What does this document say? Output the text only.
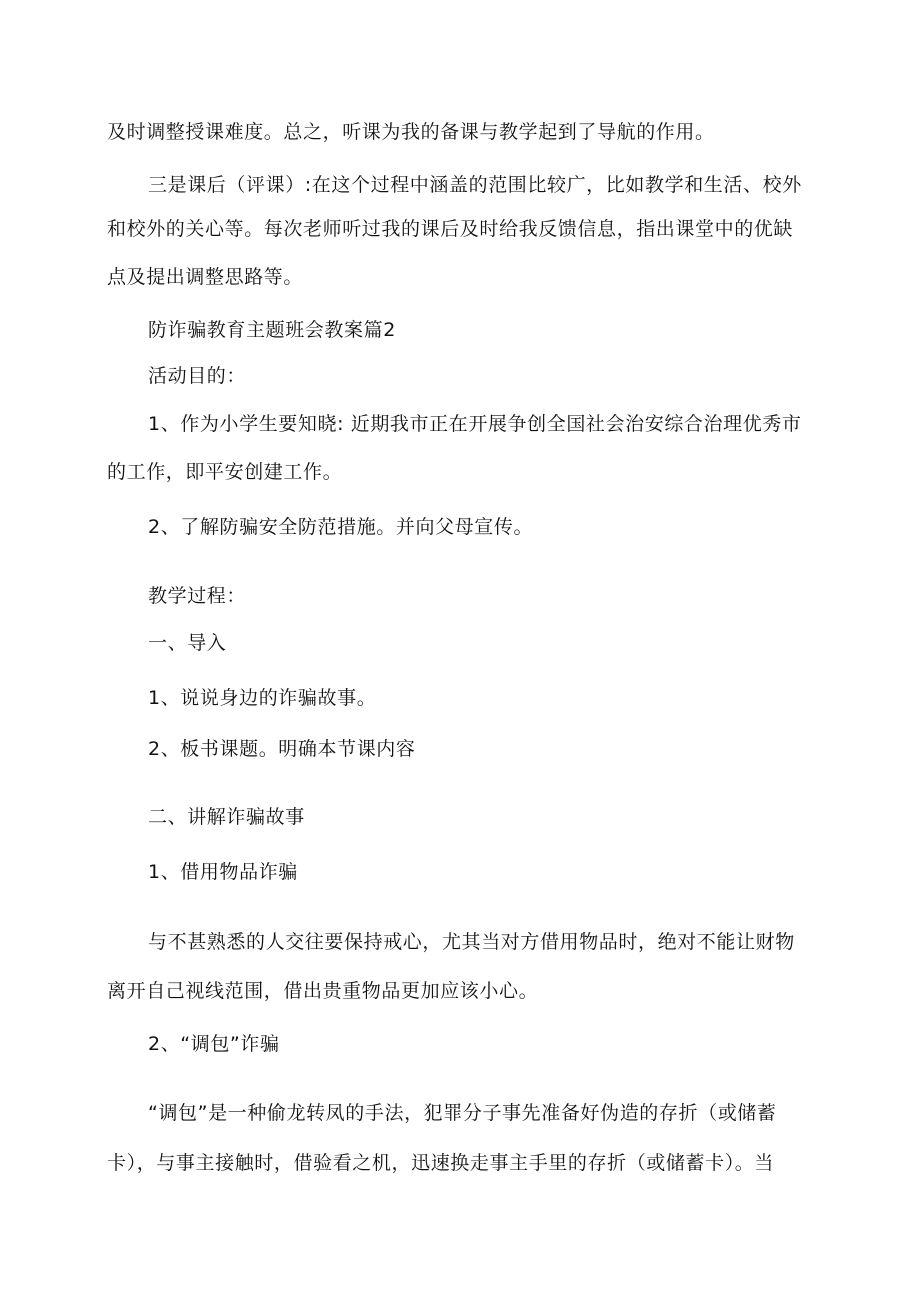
及时调整授课难度。总之，听课为我的备课与教学起到了导航的作用。
三是课后（评课）:在这个过程中涵盖的范围比较广，比如教学和生活、校外
和校外的关心等。每次老师听过我的课后及时给我反馈信息，指出课堂中的优缺
点及提出调整思路等。
防诈骗教育主题班会教案篇2
活动目的：
1、作为小学生要知晓: 近期我市正在开展争创全国社会治安综合治理优秀市
的工作，即平安创建工作。
2、了解防骗安全防范措施。并向父母宣传。
教学过程：
一、导入
1、说说身边的诈骗故事。
2、板书课题。明确本节课内容
二、讲解诈骗故事
1、借用物品诈骗
与不甚熟悉的人交往要保持戒心，尤其当对方借用物品时，绝对不能让财物
离开自己视线范围，借出贵重物品更加应该小心。
2、“调包”诈骗
“调包”是一种偷龙转凤的手法，犯罪分子事先准备好伪造的存折（或储蓄
卡），与事主接触时，借验看之机，迅速换走事主手里的存折（或储蓄卡）。当
